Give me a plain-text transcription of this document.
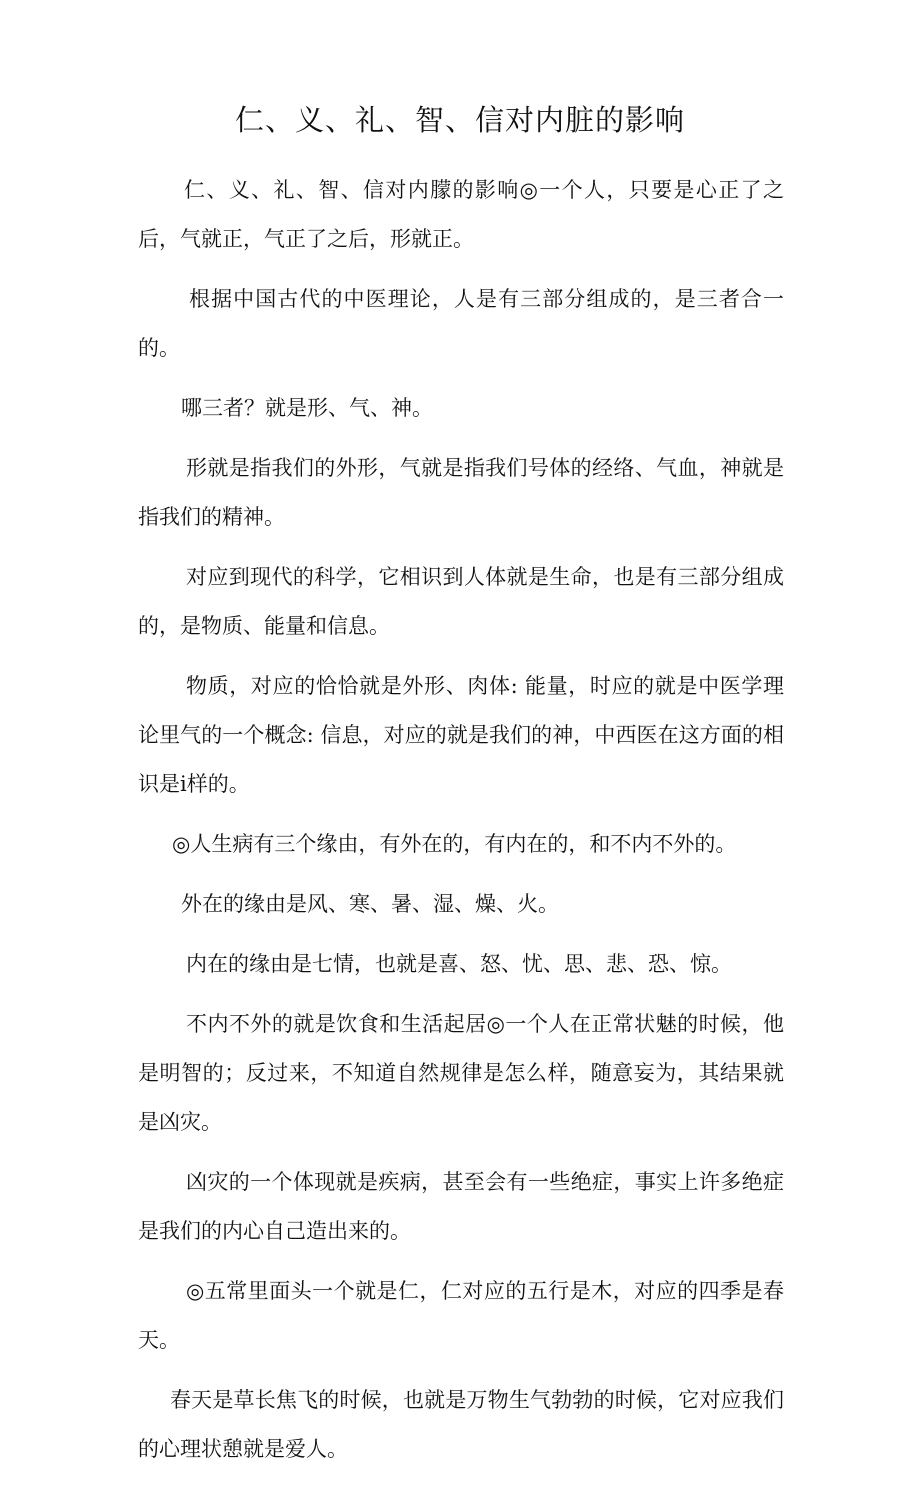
仁、义、礼、智、信对内脏的影响

仁、义、礼、智、信对内朦的影响◎一个人，只要是心正了之后，气就正，气正了之后，形就正。

根据中国古代的中医理论，人是有三部分组成的，是三者合一的。

哪三者？就是形、气、神。

形就是指我们的外形，气就是指我们号体的经络、气血，神就是指我们的精神。

对应到现代的科学，它相识到人体就是生命，也是有三部分组成的，是物质、能量和信息。

物质，对应的恰恰就是外形、肉体: 能量，时应的就是中医学理论里气的一个概念: 信息，对应的就是我们的神，中西医在这方面的相识是i样的。

◎人生病有三个缘由，有外在的，有内在的，和不内不外的。

外在的缘由是风、寒、暑、湿、燥、火。

内在的缘由是七情，也就是喜、怒、忧、思、悲、恐、惊。

不内不外的就是饮食和生活起居◎一个人在正常状魅的时候，他是明智的；反过来，不知道自然规律是怎么样，随意妄为，其结果就是凶灾。

凶灾的一个体现就是疾病，甚至会有一些绝症，事实上许多绝症是我们的内心自己造出来的。

◎五常里面头一个就是仁，仁对应的五行是木，对应的四季是春天。

春天是草长焦飞的时候，也就是万物生气勃勃的时候，它对应我们的心理状憩就是爱人。
